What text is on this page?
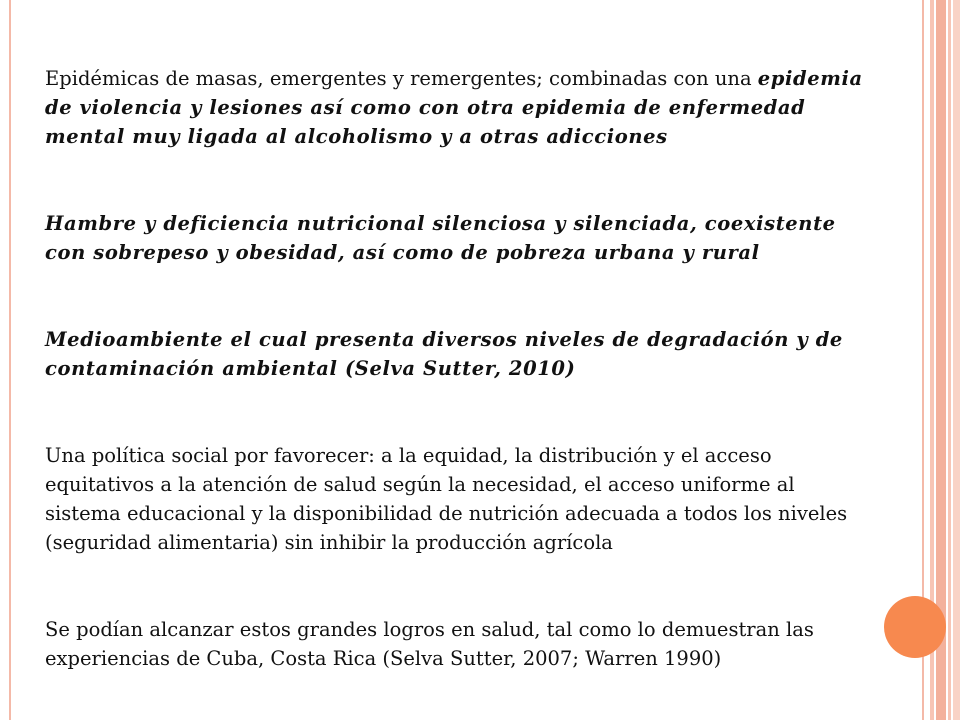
Epidémicas de masas, emergentes y remergentes; combinadas con una epidemia de violencia y lesiones así como con otra epidemia de enfermedad mental muy ligada al alcoholismo y a otras adicciones

Hambre y deficiencia nutricional silenciosa y silenciada, coexistente con sobrepeso y obesidad, así como de pobreza urbana y rural

Medioambiente el cual presenta diversos niveles de degradación y de contaminación ambiental (Selva Sutter, 2010)

Una política social por favorecer: a la equidad, la distribución y el acceso equitativos a la atención de salud según la necesidad, el acceso uniforme al sistema educacional y la disponibilidad de nutrición adecuada a todos los niveles (seguridad alimentaria) sin inhibir la producción agrícola

Se podían alcanzar estos grandes logros en salud, tal como lo demuestran las experiencias de Cuba, Costa Rica (Selva Sutter, 2007; Warren 1990)
